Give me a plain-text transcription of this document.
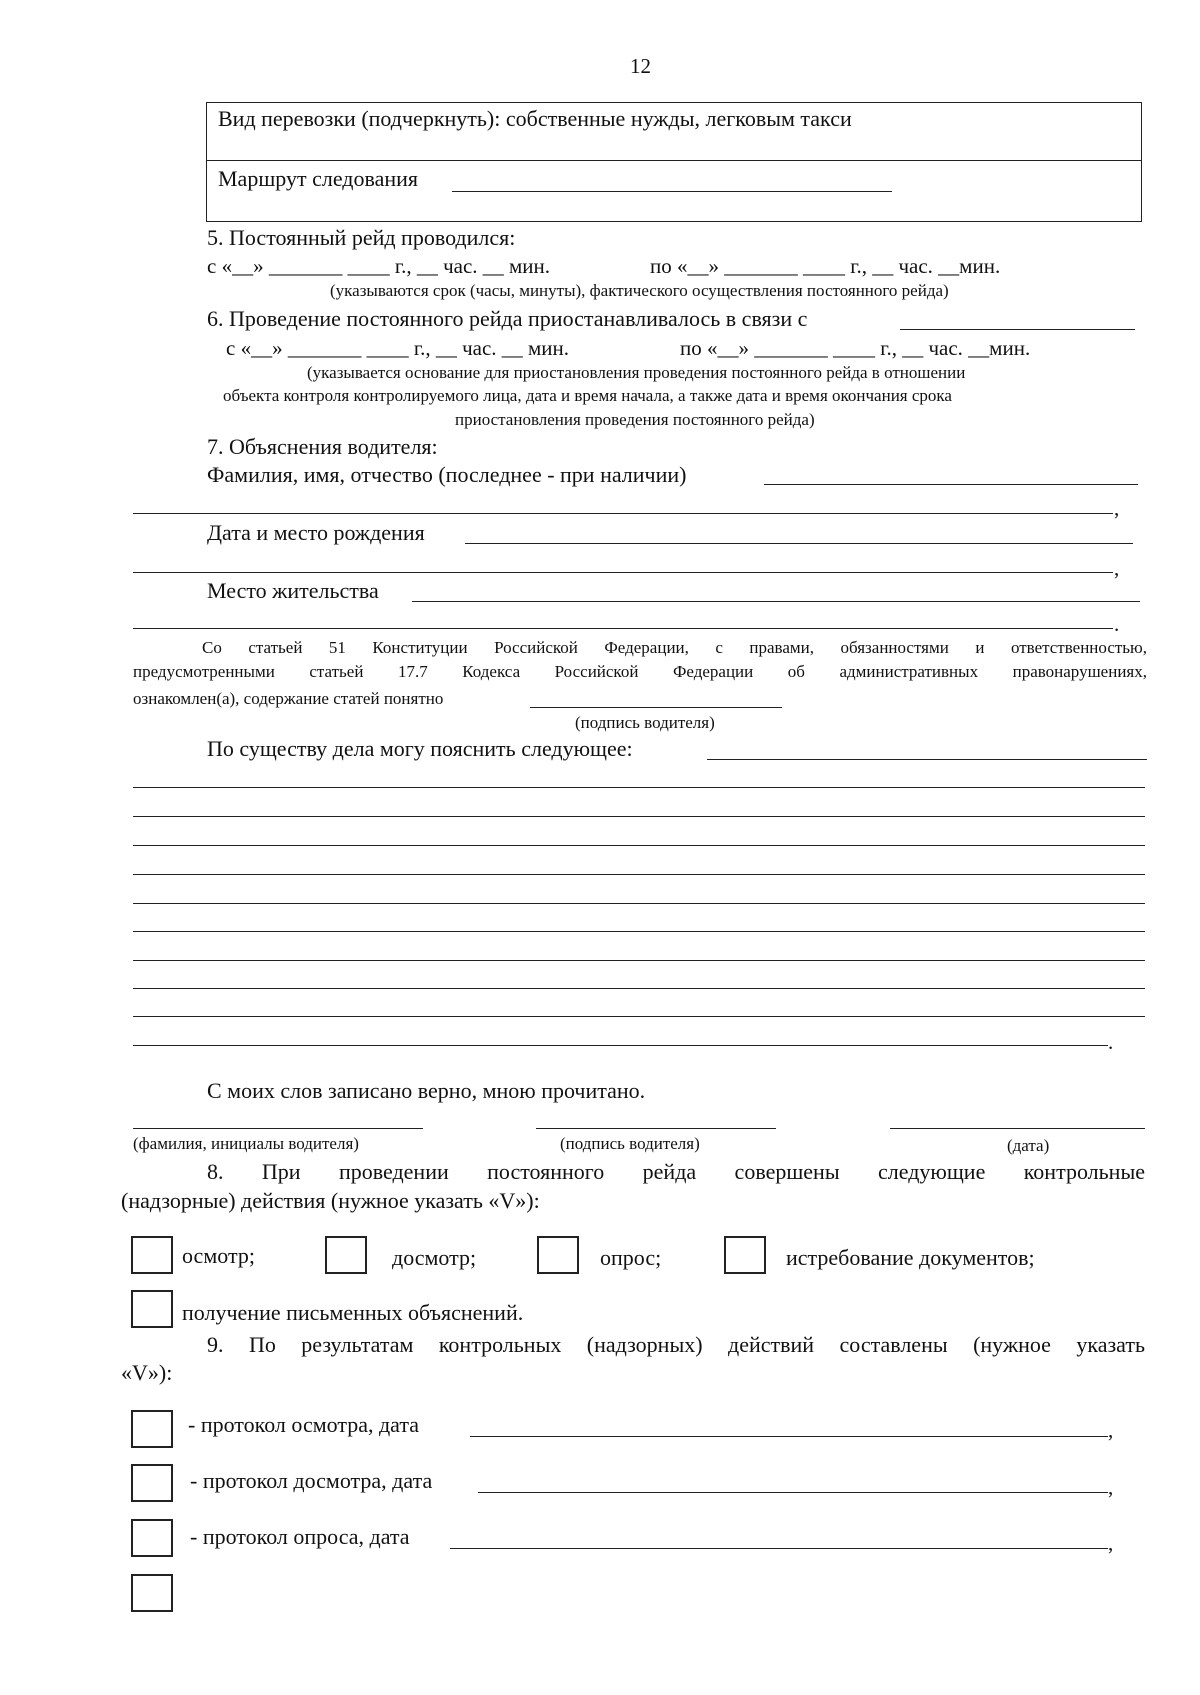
12
Вид перевозки (подчеркнуть): собственные нужды, легковым такси
Маршрут следования
5. Постоянный рейд проводился:
с «__» _______ ____ г., __ час. __ мин.	по «__» _______ ____ г., __ час. __мин.
(указываются срок (часы, минуты), фактического осуществления постоянного рейда)
6. Проведение постоянного рейда приостанавливалось в связи с
с «__» _______ ____ г., __ час. __ мин.	по «__» _______ ____ г., __ час. __мин.
(указывается основание для приостановления проведения постоянного рейда в отношении
объекта контроля контролируемого лица, дата и время начала, а также дата и время окончания срока
приостановления проведения постоянного рейда)
7. Объяснения водителя:
Фамилия, имя, отчество (последнее - при наличии)
,
Дата и место рождения
,
Место жительства
.
Со статьей 51 Конституции Российской Федерации, с правами, обязанностями и ответственностью,
предусмотренными статьей 17.7 Кодекса Российской Федерации об административных правонарушениях,
ознакомлен(а), содержание статей понятно
(подпись водителя)
По существу дела могу пояснить следующее:
.
С моих слов записано верно, мною прочитано.
(фамилия, инициалы водителя)	(подпись водителя)	(дата)
8. При проведении постоянного рейда совершены следующие контрольные
(надзорные) действия (нужное указать «V»):
осмотр;	досмотр;	опрос;	истребование документов;
получение письменных объяснений.
9. По результатам контрольных (надзорных) действий составлены (нужное указать
«V»):
- протокол осмотра, дата	,
- протокол досмотра, дата	,
- протокол опроса, дата	,
